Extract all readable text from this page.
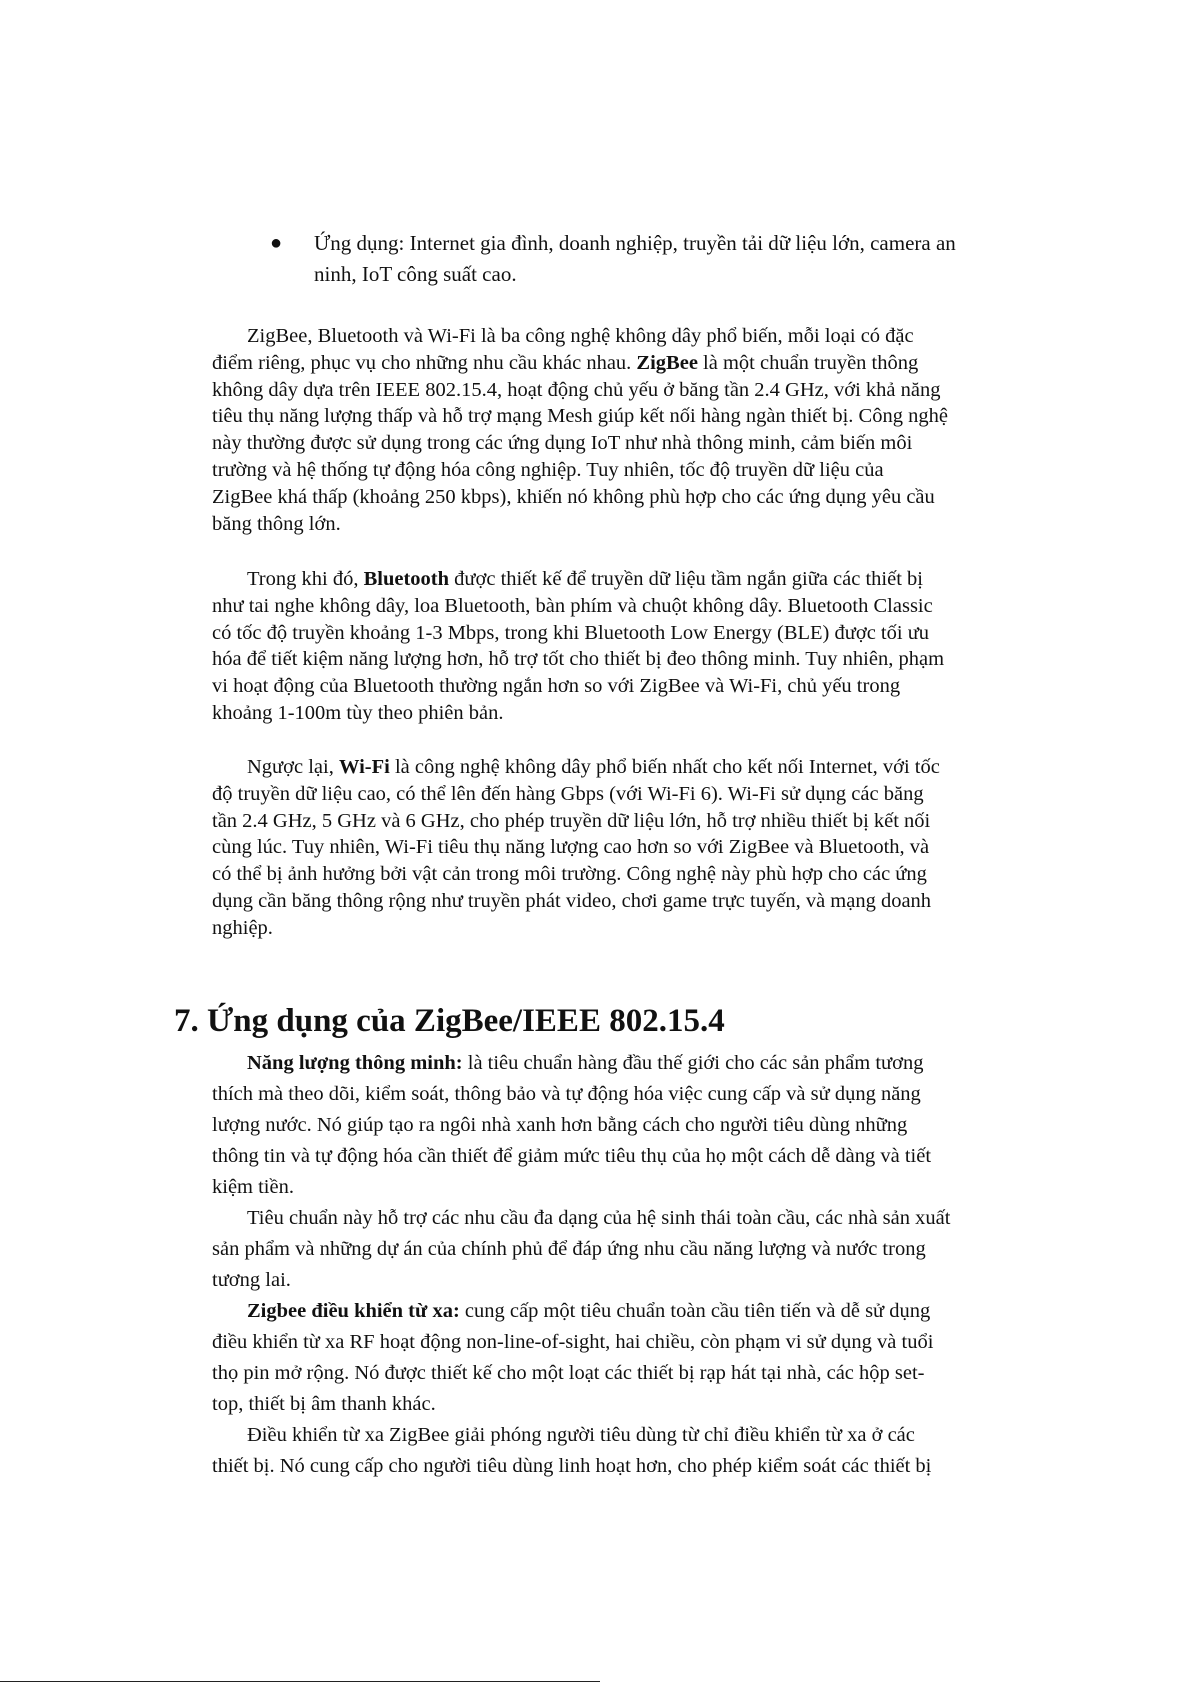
● Ứng dụng: Internet gia đình, doanh nghiệp, truyền tải dữ liệu lớn, camera an
ninh, IoT công suất cao.
ZigBee, Bluetooth và Wi-Fi là ba công nghệ không dây phổ biến, mỗi loại có đặc
điểm riêng, phục vụ cho những nhu cầu khác nhau. ZigBee là một chuẩn truyền thông
không dây dựa trên IEEE 802.15.4, hoạt động chủ yếu ở băng tần 2.4 GHz, với khả năng
tiêu thụ năng lượng thấp và hỗ trợ mạng Mesh giúp kết nối hàng ngàn thiết bị. Công nghệ
này thường được sử dụng trong các ứng dụng IoT như nhà thông minh, cảm biến môi
trường và hệ thống tự động hóa công nghiệp. Tuy nhiên, tốc độ truyền dữ liệu của
ZigBee khá thấp (khoảng 250 kbps), khiến nó không phù hợp cho các ứng dụng yêu cầu
băng thông lớn.
Trong khi đó, Bluetooth được thiết kế để truyền dữ liệu tầm ngắn giữa các thiết bị
như tai nghe không dây, loa Bluetooth, bàn phím và chuột không dây. Bluetooth Classic
có tốc độ truyền khoảng 1-3 Mbps, trong khi Bluetooth Low Energy (BLE) được tối ưu
hóa để tiết kiệm năng lượng hơn, hỗ trợ tốt cho thiết bị đeo thông minh. Tuy nhiên, phạm
vi hoạt động của Bluetooth thường ngắn hơn so với ZigBee và Wi-Fi, chủ yếu trong
khoảng 1-100m tùy theo phiên bản.
Ngược lại, Wi-Fi là công nghệ không dây phổ biến nhất cho kết nối Internet, với tốc
độ truyền dữ liệu cao, có thể lên đến hàng Gbps (với Wi-Fi 6). Wi-Fi sử dụng các băng
tần 2.4 GHz, 5 GHz và 6 GHz, cho phép truyền dữ liệu lớn, hỗ trợ nhiều thiết bị kết nối
cùng lúc. Tuy nhiên, Wi-Fi tiêu thụ năng lượng cao hơn so với ZigBee và Bluetooth, và
có thể bị ảnh hưởng bởi vật cản trong môi trường. Công nghệ này phù hợp cho các ứng
dụng cần băng thông rộng như truyền phát video, chơi game trực tuyến, và mạng doanh
nghiệp.
7. Ứng dụng của ZigBee/IEEE 802.15.4
Năng lượng thông minh: là tiêu chuẩn hàng đầu thế giới cho các sản phẩm tương
thích mà theo dõi, kiểm soát, thông bảo và tự động hóa việc cung cấp và sử dụng năng
lượng nước. Nó giúp tạo ra ngôi nhà xanh hơn bằng cách cho người tiêu dùng những
thông tin và tự động hóa cần thiết để giảm mức tiêu thụ của họ một cách dễ dàng và tiết
kiệm tiền.
Tiêu chuẩn này hỗ trợ các nhu cầu đa dạng của hệ sinh thái toàn cầu, các nhà sản xuất
sản phẩm và những dự án của chính phủ để đáp ứng nhu cầu năng lượng và nước trong
tương lai.
Zigbee điều khiển từ xa: cung cấp một tiêu chuẩn toàn cầu tiên tiến và dễ sử dụng
điều khiển từ xa RF hoạt động non-line-of-sight, hai chiều, còn phạm vi sử dụng và tuổi
thọ pin mở rộng. Nó được thiết kế cho một loạt các thiết bị rạp hát tại nhà, các hộp set-
top, thiết bị âm thanh khác.
Điều khiển từ xa ZigBee giải phóng người tiêu dùng từ chỉ điều khiển từ xa ở các
thiết bị. Nó cung cấp cho người tiêu dùng linh hoạt hơn, cho phép kiểm soát các thiết bị
